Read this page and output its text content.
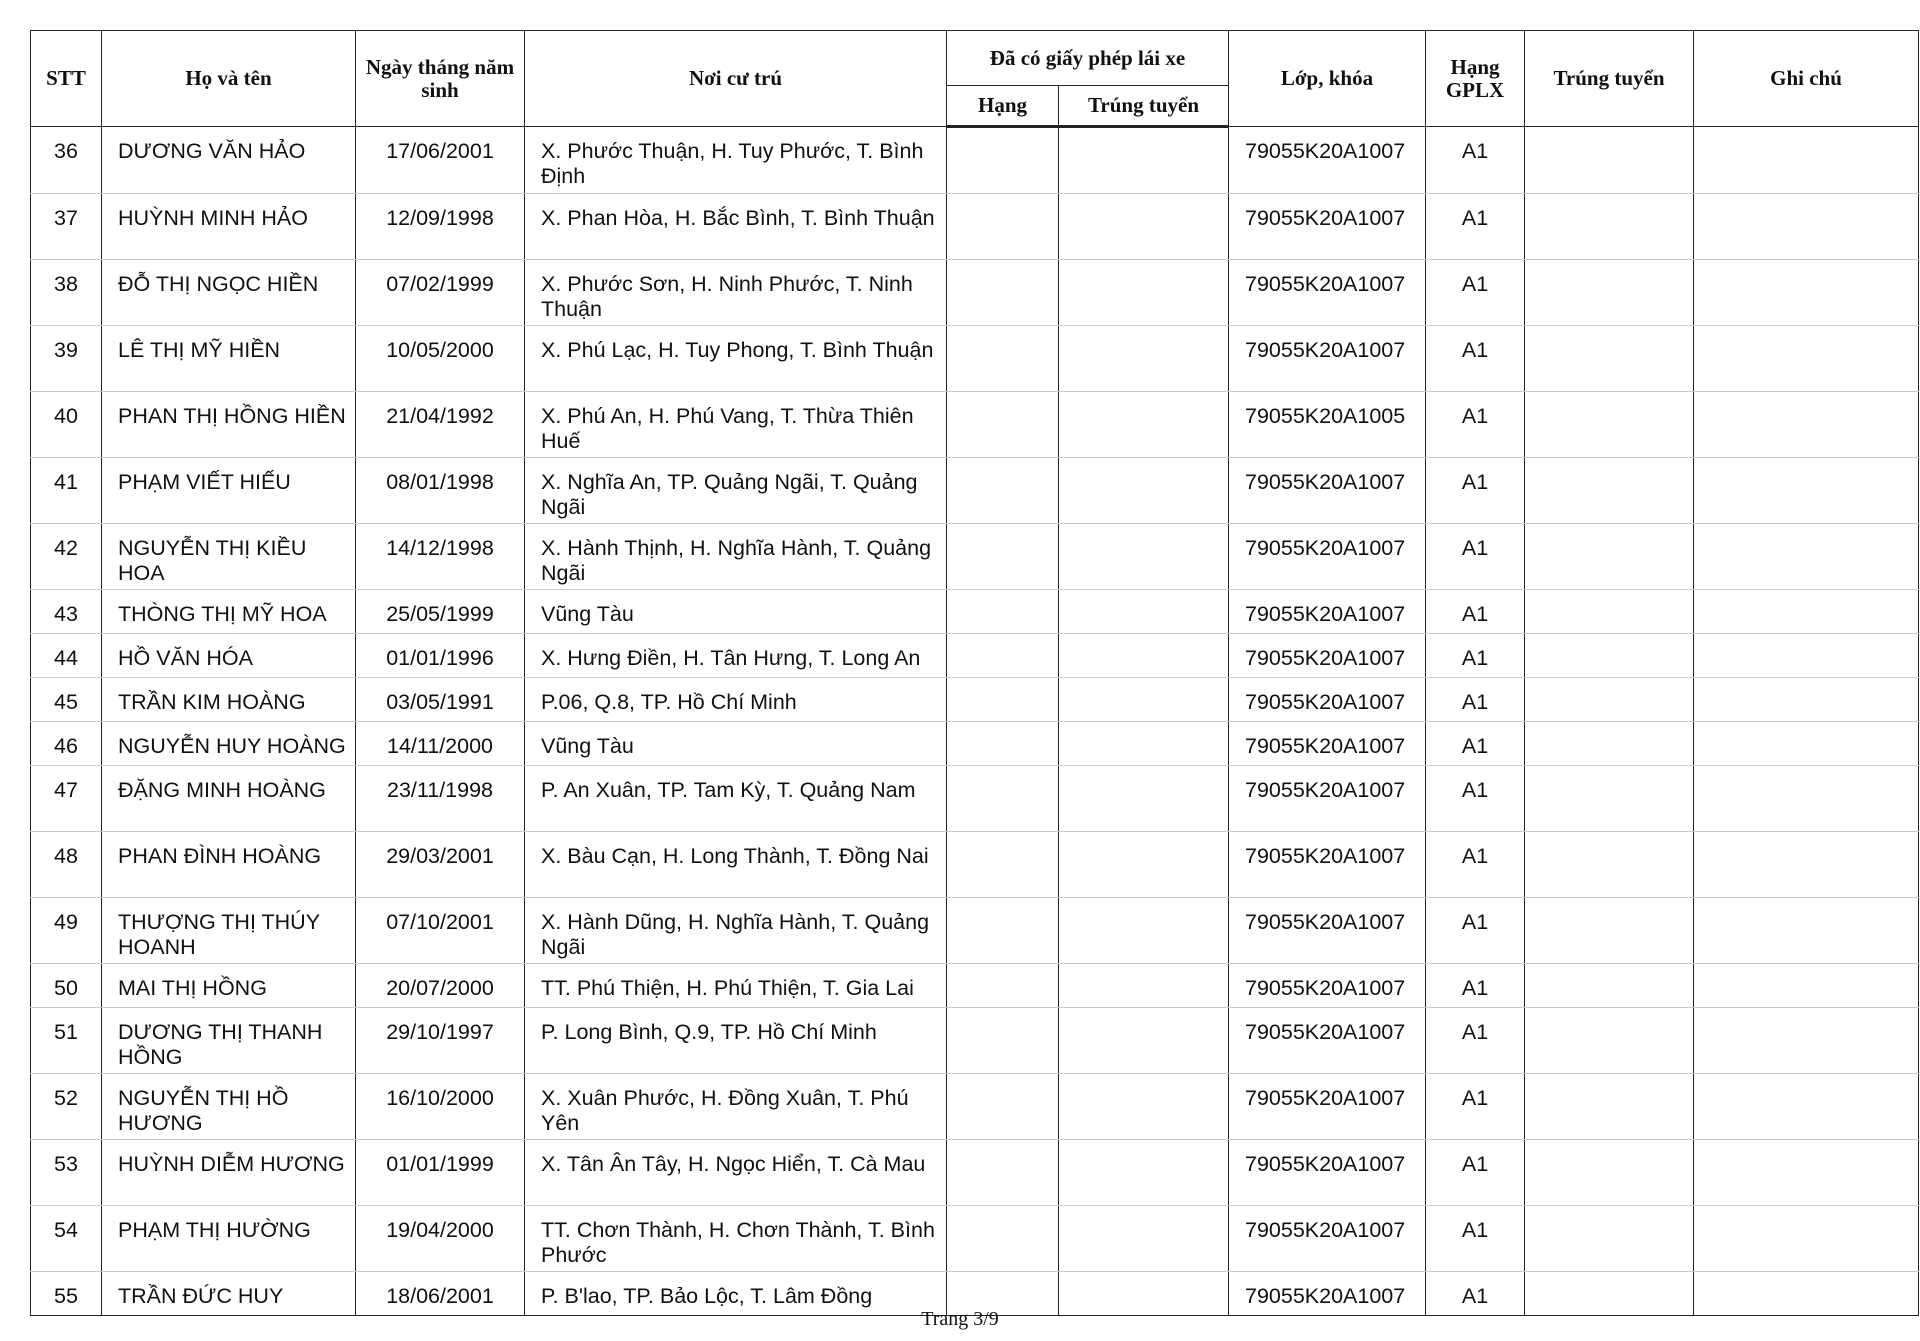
STT	Họ và tên	Ngày tháng năm sinh	Nơi cư trú	Đã có giấy phép lái xe		Lớp, khóa	Hạng GPLX	Trúng tuyển	Ghi chú
				Hạng	Trúng tuyển				
36	DƯƠNG VĂN HẢO	17/06/2001	X. Phước Thuận, H. Tuy Phước, T. Bình Định			79055K20A1007	A1		
37	HUỲNH MINH HẢO	12/09/1998	X. Phan Hòa, H. Bắc Bình, T. Bình Thuận			79055K20A1007	A1		
38	ĐỖ THỊ NGỌC HIỀN	07/02/1999	X. Phước Sơn, H. Ninh Phước, T. Ninh Thuận			79055K20A1007	A1		
39	LÊ THỊ MỸ HIỀN	10/05/2000	X. Phú Lạc, H. Tuy Phong, T. Bình Thuận			79055K20A1007	A1		
40	PHAN THỊ HỒNG HIỀN	21/04/1992	X. Phú An, H. Phú Vang, T. Thừa Thiên Huế			79055K20A1005	A1		
41	PHẠM VIẾT HIẾU	08/01/1998	X. Nghĩa An, TP. Quảng Ngãi, T. Quảng Ngãi			79055K20A1007	A1		
42	NGUYỄN THỊ KIỀU HOA	14/12/1998	X. Hành Thịnh, H. Nghĩa Hành, T. Quảng Ngãi			79055K20A1007	A1		
43	THÒNG THỊ MỸ HOA	25/05/1999	Vũng Tàu			79055K20A1007	A1		
44	HỒ VĂN HÓA	01/01/1996	X. Hưng Điền, H. Tân Hưng, T. Long An			79055K20A1007	A1		
45	TRẦN KIM HOÀNG	03/05/1991	P.06, Q.8, TP. Hồ Chí Minh			79055K20A1007	A1		
46	NGUYỄN HUY HOÀNG	14/11/2000	Vũng Tàu			79055K20A1007	A1		
47	ĐẶNG MINH HOÀNG	23/11/1998	P. An Xuân, TP. Tam Kỳ, T. Quảng Nam			79055K20A1007	A1		
48	PHAN ĐÌNH HOÀNG	29/03/2001	X. Bàu Cạn, H. Long Thành, T. Đồng Nai			79055K20A1007	A1		
49	THƯỢNG THỊ THÚY HOANH	07/10/2001	X. Hành Dũng, H. Nghĩa Hành, T. Quảng Ngãi			79055K20A1007	A1		
50	MAI THỊ HỒNG	20/07/2000	TT. Phú Thiện, H. Phú Thiện, T. Gia Lai			79055K20A1007	A1		
51	DƯƠNG THỊ THANH HỒNG	29/10/1997	P. Long Bình, Q.9, TP. Hồ Chí Minh			79055K20A1007	A1		
52	NGUYỄN THỊ HỒ HƯƠNG	16/10/2000	X. Xuân Phước, H. Đồng Xuân, T. Phú Yên			79055K20A1007	A1		
53	HUỲNH DIỄM HƯƠNG	01/01/1999	X. Tân Ân Tây, H. Ngọc Hiển, T. Cà Mau			79055K20A1007	A1		
54	PHẠM THỊ HƯỜNG	19/04/2000	TT. Chơn Thành, H. Chơn Thành, T. Bình Phước			79055K20A1007	A1		
55	TRẦN ĐỨC HUY	18/06/2001	P. B'lao, TP. Bảo Lộc, T. Lâm Đồng			79055K20A1007	A1		
Trang 3/9
